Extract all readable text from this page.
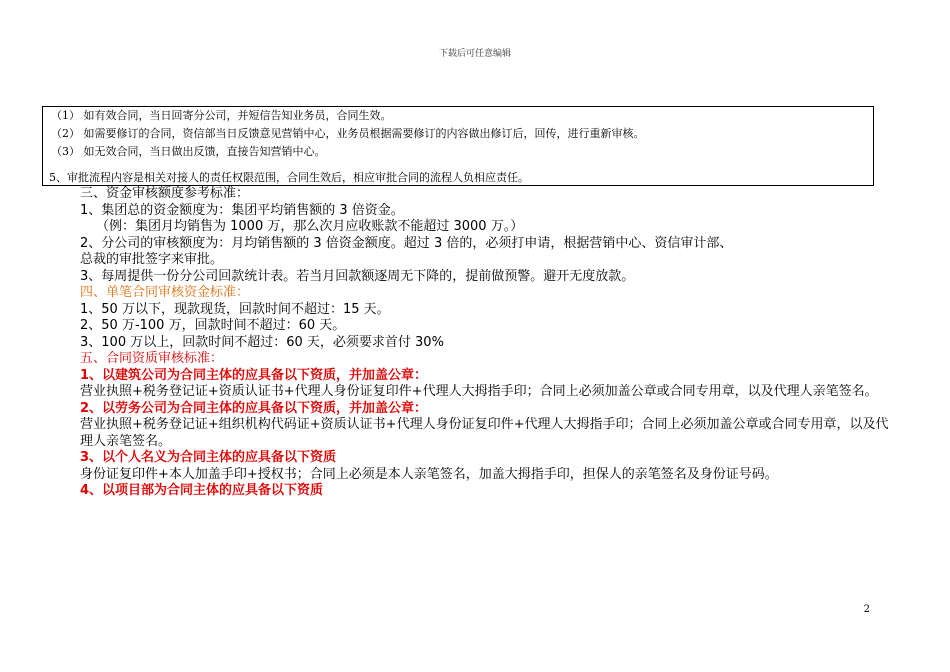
下载后可任意编辑
（1） 如有效合同，当日回寄分公司，并短信告知业务员，合同生效。
（2） 如需要修订的合同，资信部当日反馈意见营销中心，业务员根据需要修订的内容做出修订后，回传，进行重新审核。
（3） 如无效合同，当日做出反馈，直接告知营销中心。
5、审批流程内容是相关对接人的责任权限范围，合同生效后，相应审批合同的流程人负相应责任。
三、资金审核额度参考标准：
1、集团总的资金额度为：集团平均销售额的 3 倍资金。
（例：集团月均销售为 1000 万，那么次月应收账款不能超过 3000 万。）
2、分公司的审核额度为：月均销售额的 3 倍资金额度。超过 3 倍的，必须打申请，根据营销中心、资信审计部、
总裁的审批签字来审批。
3、每周提供一份分公司回款统计表。若当月回款额逐周无下降的，提前做预警。避开无度放款。
四、单笔合同审核资金标准：
1、50 万以下，现款现货，回款时间不超过：15 天。
2、50 万-100 万，回款时间不超过：60 天。
3、100 万以上，回款时间不超过：60 天，必须要求首付 30%
五、合同资质审核标准：
1、以建筑公司为合同主体的应具备以下资质，并加盖公章：
营业执照+税务登记证+资质认证书+代理人身份证复印件+代理人大拇指手印；合同上必须加盖公章或合同专用章，以及代理人亲笔签名。
2、以劳务公司为合同主体的应具备以下资质，并加盖公章：
营业执照+税务登记证+组织机构代码证+资质认证书+代理人身份证复印件+代理人大拇指手印；合同上必须加盖公章或合同专用章，以及代理人亲笔签名。
3、以个人名义为合同主体的应具备以下资质
身份证复印件+本人加盖手印+授权书；合同上必须是本人亲笔签名，加盖大拇指手印，担保人的亲笔签名及身份证号码。
4、以项目部为合同主体的应具备以下资质
2
